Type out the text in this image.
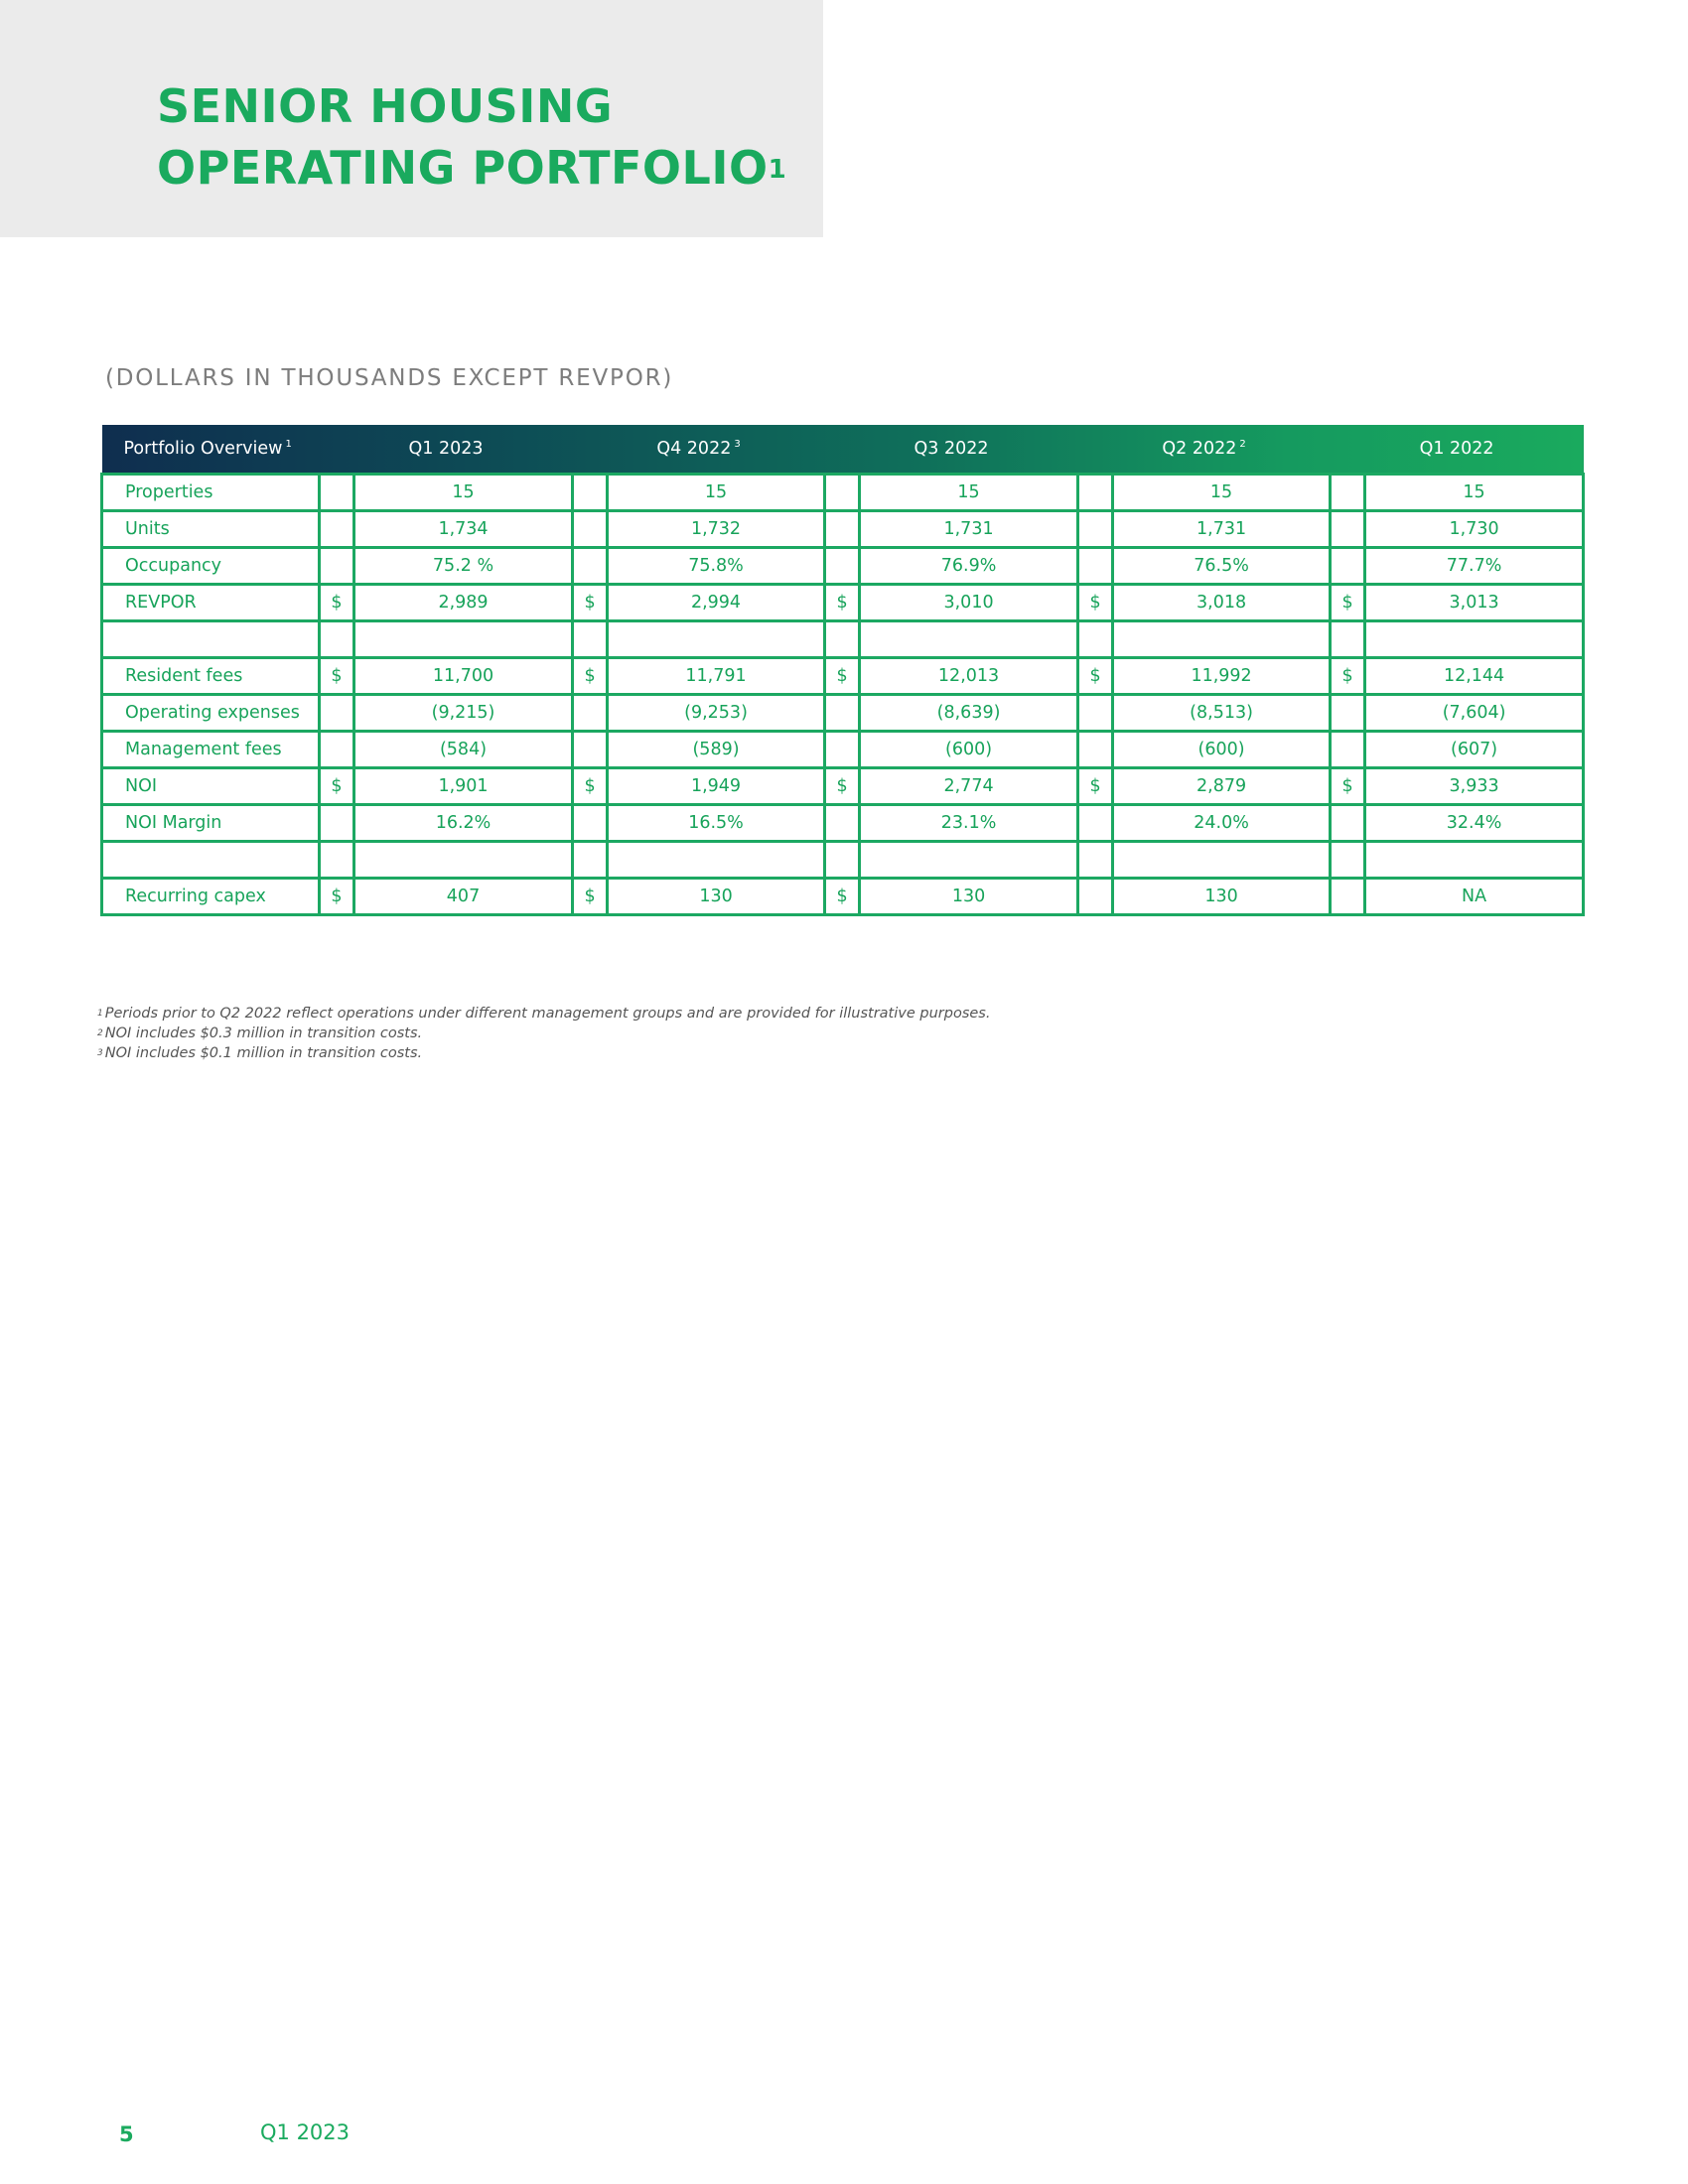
SENIOR HOUSING
OPERATING PORTFOLIO$^1$
(DOLLARS IN THOUSANDS EXCEPT REVPOR)
Portfolio Overview $^1$	Q1 2023		Q4 2022 $^3$		Q3 2022		Q2 2022 $^2$		Q1 2022	
Properties		15		15		15		15		15
Units		1,734		1,732		1,731		1,731		1,730
Occupancy		75.2 %		75.8%		76.9%		76.5%		77.7%
REVPOR	$	2,989	$	2,994	$	3,010	$	3,018	$	3,013

Resident fees	$	11,700	$	11,791	$	12,013	$	11,992	$	12,144
Operating expenses		(9,215)		(9,253)		(8,639)		(8,513)		(7,604)
Management fees		(584)		(589)		(600)		(600)		(607)
NOI	$	1,901	$	1,949	$	2,774	$	2,879	$	3,933
NOI Margin		16.2%		16.5%		23.1%		24.0%		32.4%

Recurring capex	$	407	$	130	$	130		130		NA
$^1$ Periods prior to Q2 2022 reflect operations under different management groups and are provided for illustrative purposes.
$^2$ NOI includes $0.3 million in transition costs.
$^3$ NOI includes $0.1 million in transition costs.
5	Q1 2023
